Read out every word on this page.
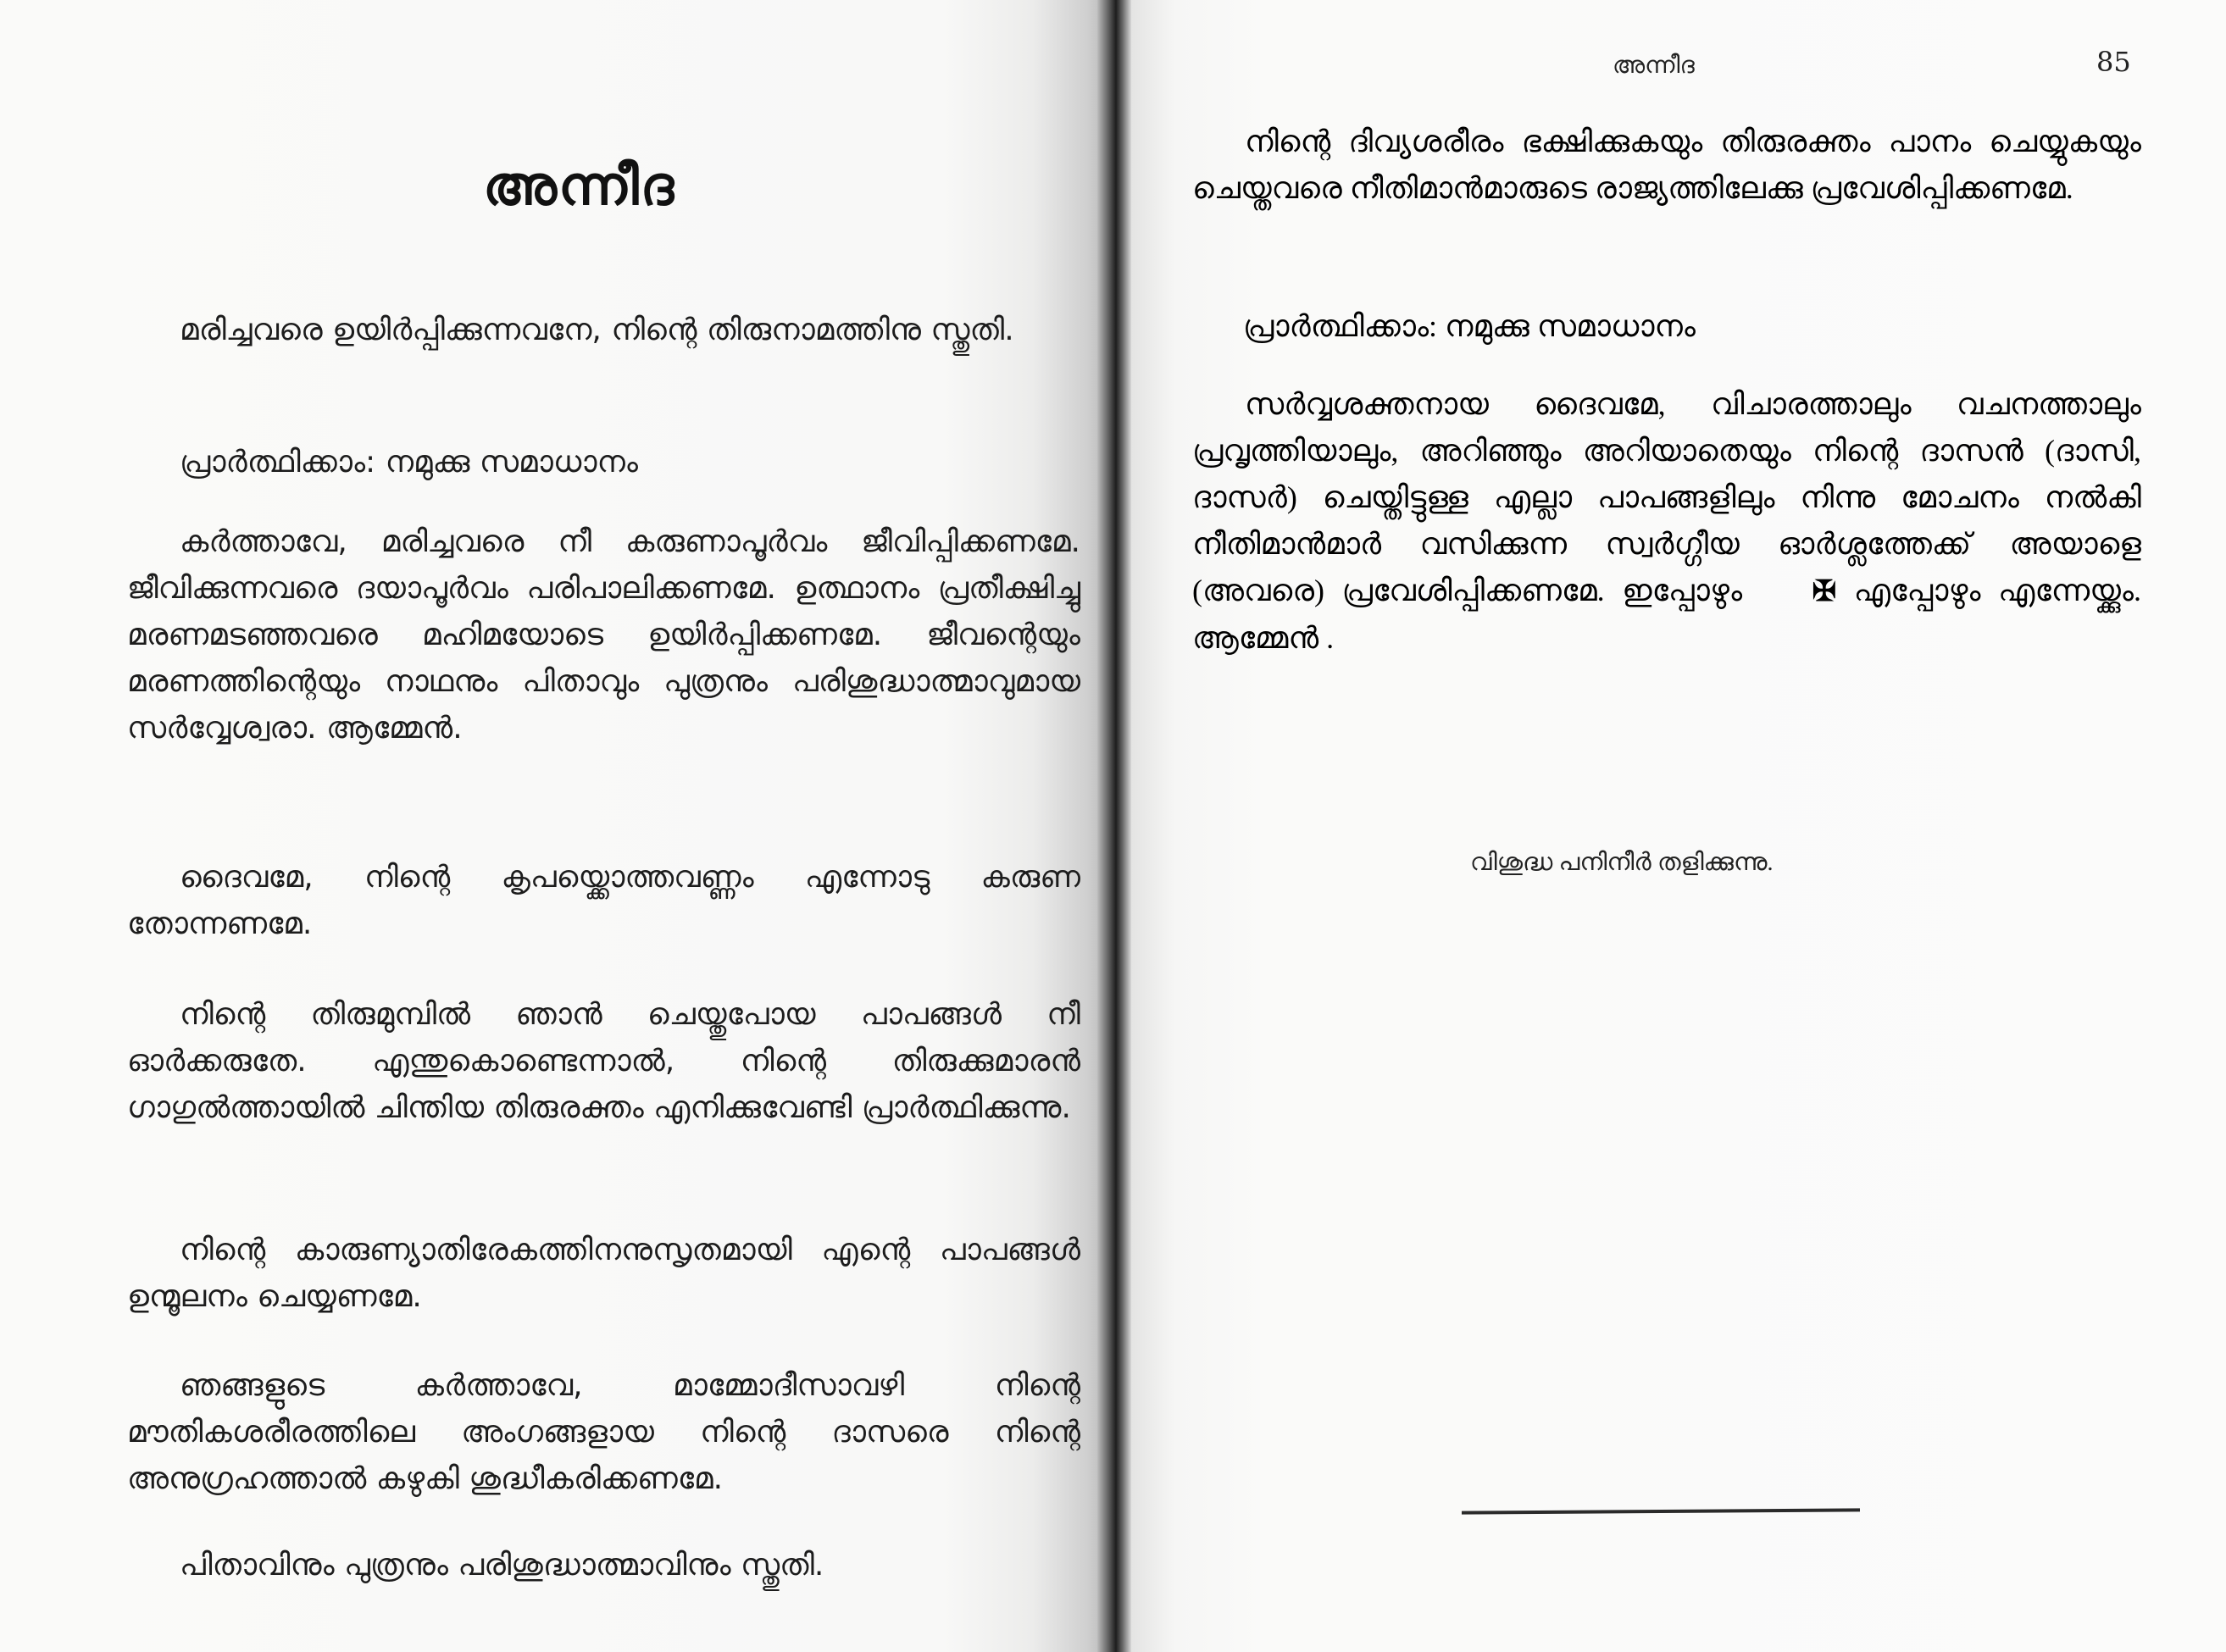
അന്നീദ

മരിച്ചവരെ ഉയിർപ്പിക്കുന്നവനേ, നിന്റെ തിരുനാമത്തിനു സ്തുതി.

പ്രാർത്ഥിക്കാം: നമുക്കു സമാധാനം

കർത്താവേ, മരിച്ചവരെ നീ കരുണാപൂർവം ജീവിപ്പിക്കണമേ. ജീവിക്കുന്നവരെ ദയാപൂർവം പരിപാലിക്കണമേ. ഉത്ഥാനം പ്രതീക്ഷിച്ചു മരണമടഞ്ഞവരെ മഹിമയോടെ ഉയിർപ്പിക്കണമേ. ജീവന്റെയും മരണത്തിന്റെയും നാഥനും പിതാവും പുത്രനും പരിശുദ്ധാത്മാവുമായ സർവ്വേശ്വരാ. ആമ്മേൻ.

ദൈവമേ, നിന്റെ കൃപയ്ക്കൊത്തവണ്ണം എന്നോടു കരുണ തോന്നണമേ.

നിന്റെ തിരുമുമ്പിൽ ഞാൻ ചെയ്തുപോയ പാപങ്ങൾ നീ ഓർക്കരുതേ. എന്തുകൊണ്ടെന്നാൽ, നിന്റെ തിരുക്കുമാരൻ ഗാഗുൽത്തായിൽ ചിന്തിയ തിരുരക്തം എനിക്കുവേണ്ടി പ്രാർത്ഥിക്കുന്നു.

നിന്റെ കാരുണ്യാതിരേകത്തിനനുസൃതമായി എന്റെ പാപങ്ങൾ ഉന്മൂലനം ചെയ്യണമേ.

ഞങ്ങളുടെ കർത്താവേ, മാമ്മോദീസാവഴി നിന്റെ മൗതികശരീരത്തിലെ അംഗങ്ങളായ നിന്റെ ദാസരെ നിന്റെ അനുഗ്രഹത്താൽ കഴുകി ശുദ്ധീകരിക്കണമേ.

പിതാവിനും പുത്രനും പരിശുദ്ധാത്മാവിനും സ്തുതി.

അന്നീദ	85

നിന്റെ ദിവ്യശരീരം ഭക്ഷിക്കുകയും തിരുരക്തം പാനം ചെയ്യുകയും ചെയ്തവരെ നീതിമാൻമാരുടെ രാജ്യത്തിലേക്കു പ്രവേശിപ്പിക്കണമേ.

പ്രാർത്ഥിക്കാം: നമുക്കു സമാധാനം

സർവ്വശക്തനായ ദൈവമേ, വിചാരത്താലും വചനത്താലും പ്രവൃത്തിയാലും, അറിഞ്ഞും അറിയാതെയും നിന്റെ ദാസൻ (ദാസി, ദാസർ) ചെയ്തിട്ടുള്ള എല്ലാ പാപങ്ങളിലും നിന്നു മോചനം നൽകി നീതിമാൻമാർ വസിക്കുന്ന സ്വർഗ്ഗീയ ഓർശ്ലത്തേക്ക് അയാളെ (അവരെ) പ്രവേശിപ്പിക്കണമേ. ഇപ്പോഴും ✠ എപ്പോഴും എന്നേയ്ക്കും. ആമ്മേൻ .

വിശുദ്ധ പനിനീർ തളിക്കുന്നു.
